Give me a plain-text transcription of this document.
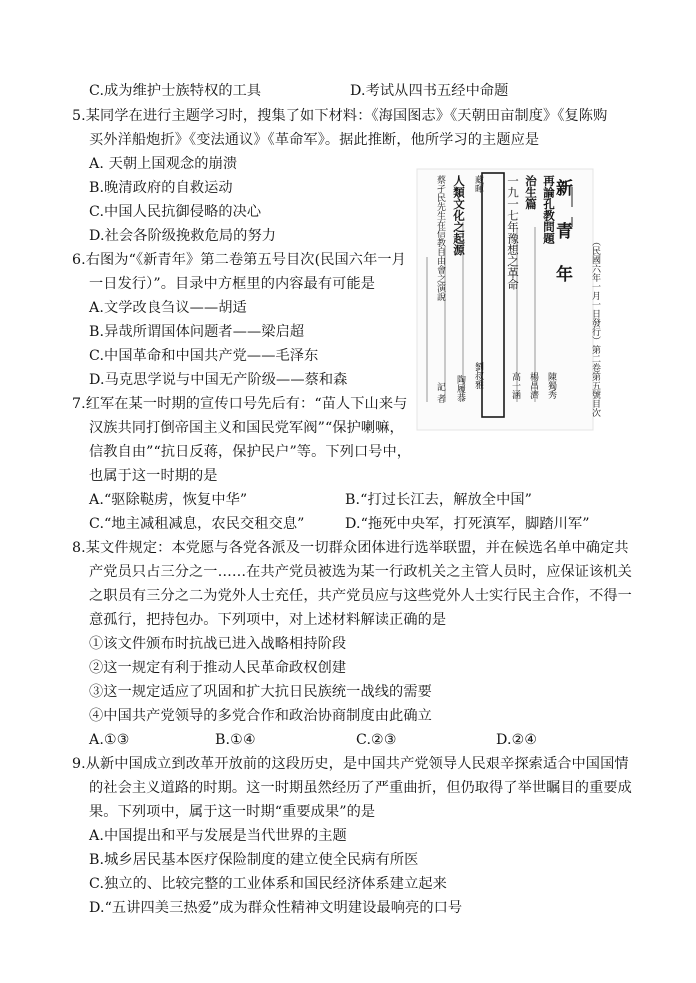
C.成为维护士族特权的工具	D.考试从四书五经中命题
5.某同学在进行主题学习时，搜集了如下材料：《海国图志》《天朝田亩制度》《复陈购
买外洋船炮折》《变法通议》《革命军》。据此推断，他所学习的主题应是
A. 天朝上国观念的崩溃
B.晚清政府的自救运动
C.中国人民抗御侵略的决心
D.社会各阶级挽救危局的努力
6.右图为“《新青年》第二卷第五号目次(民国六年一月
一日发行）”。目录中方框里的内容最有可能是
A.文学改良刍议——胡适
B.异哉所谓国体问题者——梁启超
C.中国革命和中国共产党——毛泽东
D.马克思学说与中国无产阶级——蔡和森
新 青 年
（民國六年一月一日發行）第二卷第五號目次
再論孔教問題
陳獨秀
治生篇
楊昌濟
一九一七年豫想之革命
高一涵
藏暉
劉叔雅
人類文化之起源
陶履恭
蔡孑民先生在信教自由會之演說
記 者
7.红军在某一时期的宣传口号先后有：“苗人下山来与
汉族共同打倒帝国主义和国民党军阀”“保护喇嘛，
信教自由”“抗日反蒋，保护民户”等。下列口号中，
也属于这一时期的是
A.“驱除鞑虏，恢复中华”	B.“打过长江去，解放全中国”
C.“地主减租减息，农民交租交息”	D.“拖死中央军，打死滇军，脚踏川军”
8.某文件规定：本党愿与各党各派及一切群众团体进行选举联盟，并在候选名单中确定共
产党员只占三分之一……在共产党员被选为某一行政机关之主管人员时，应保证该机关
之职员有三分之二为党外人士充任，共产党员应与这些党外人士实行民主合作，不得一
意孤行，把持包办。下列项中，对上述材料解读正确的是
①该文件颁布时抗战已进入战略相持阶段
②这一规定有利于推动人民革命政权创建
③这一规定适应了巩固和扩大抗日民族统一战线的需要
④中国共产党领导的多党合作和政治协商制度由此确立
A.①③	B.①④	C.②③	D.②④
9.从新中国成立到改革开放前的这段历史，是中国共产党领导人民艰辛探索适合中国国情
的社会主义道路的时期。这一时期虽然经历了严重曲折，但仍取得了举世瞩目的重要成
果。下列项中，属于这一时期“重要成果”的是
A.中国提出和平与发展是当代世界的主题
B.城乡居民基本医疗保险制度的建立使全民病有所医
C.独立的、比较完整的工业体系和国民经济体系建立起来
D.“五讲四美三热爱”成为群众性精神文明建设最响亮的口号
